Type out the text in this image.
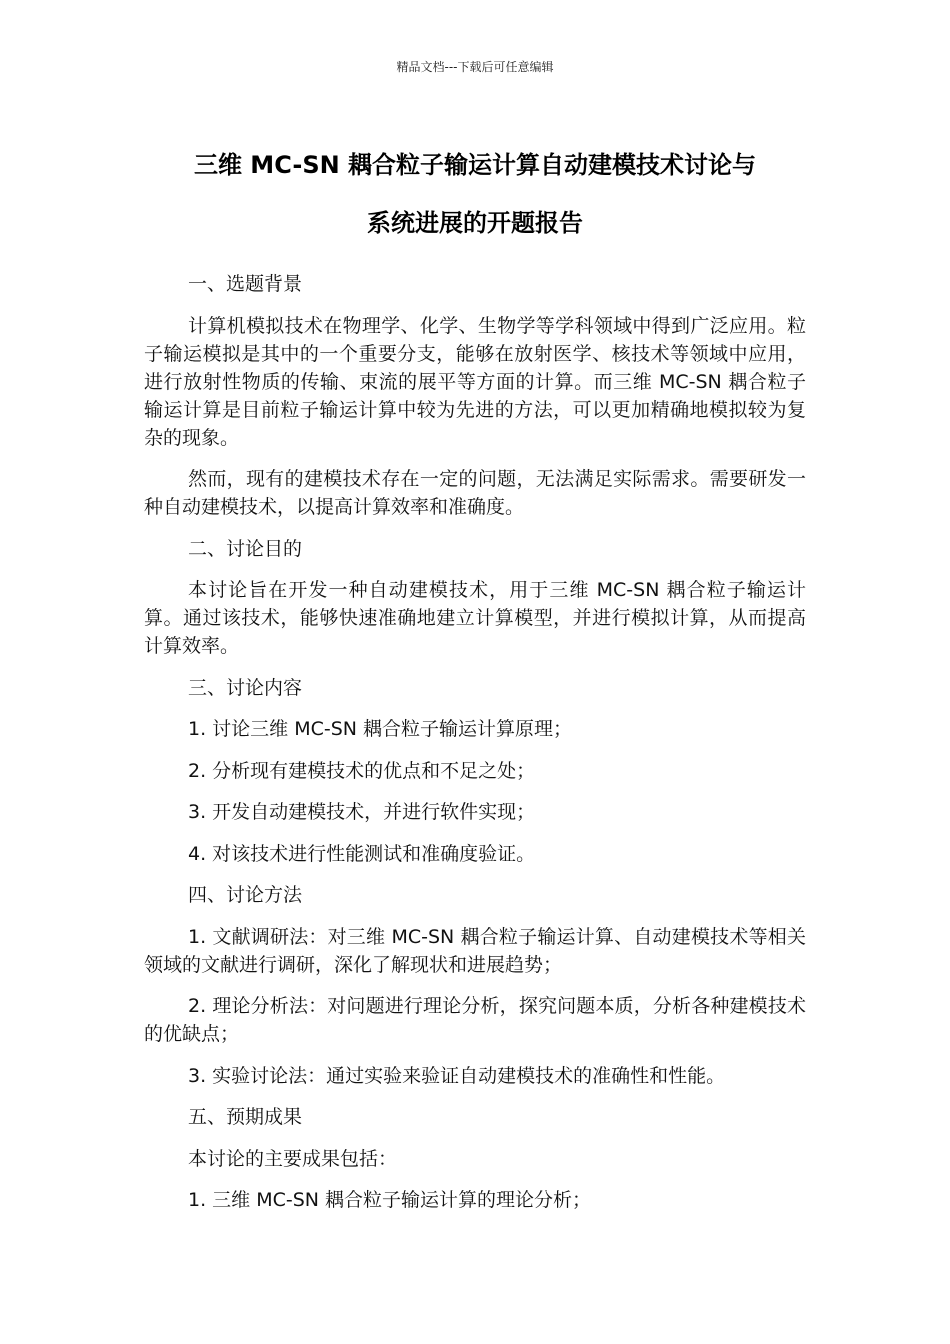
精品文档---下载后可任意编辑
三维 MC-SN 耦合粒子输运计算自动建模技术讨论与
系统进展的开题报告

一、选题背景

计算机模拟技术在物理学、化学、生物学等学科领域中得到广泛应用。粒子输运模拟是其中的一个重要分支，能够在放射医学、核技术等领域中应用，进行放射性物质的传输、束流的展平等方面的计算。而三维 MC-SN 耦合粒子输运计算是目前粒子输运计算中较为先进的方法，可以更加精确地模拟较为复杂的现象。

然而，现有的建模技术存在一定的问题，无法满足实际需求。需要研发一种自动建模技术，以提高计算效率和准确度。

二、讨论目的

本讨论旨在开发一种自动建模技术，用于三维 MC-SN 耦合粒子输运计算。通过该技术，能够快速准确地建立计算模型，并进行模拟计算，从而提高计算效率。

三、讨论内容

1. 讨论三维 MC-SN 耦合粒子输运计算原理；

2. 分析现有建模技术的优点和不足之处；

3. 开发自动建模技术，并进行软件实现；

4. 对该技术进行性能测试和准确度验证。

四、讨论方法

1. 文献调研法：对三维 MC-SN 耦合粒子输运计算、自动建模技术等相关领域的文献进行调研，深化了解现状和进展趋势；

2. 理论分析法：对问题进行理论分析，探究问题本质，分析各种建模技术的优缺点；

3. 实验讨论法：通过实验来验证自动建模技术的准确性和性能。

五、预期成果

本讨论的主要成果包括：

1. 三维 MC-SN 耦合粒子输运计算的理论分析；
